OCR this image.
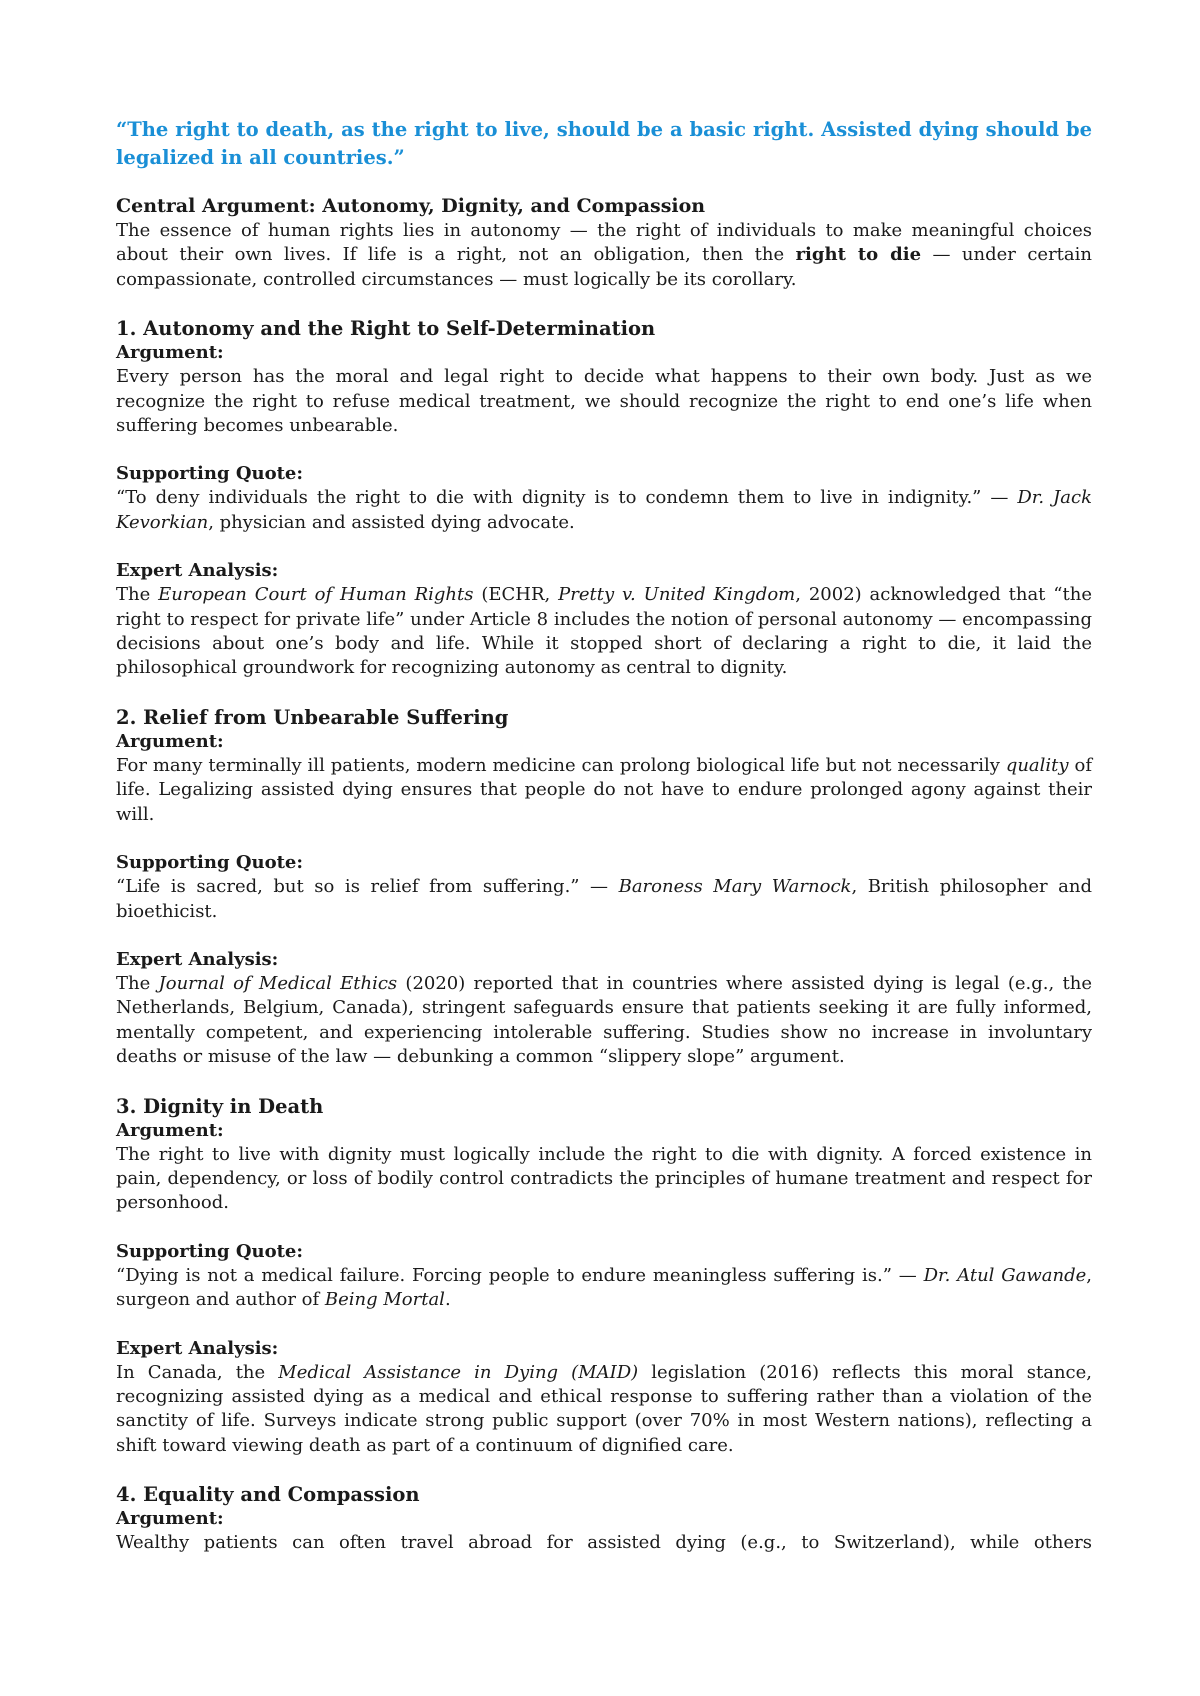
“The right to death, as the right to live, should be a basic right. Assisted dying should be legalized in all countries.”

Central Argument: Autonomy, Dignity, and Compassion

The essence of human rights lies in autonomy — the right of individuals to make meaningful choices about their own lives. If life is a right, not an obligation, then the right to die — under certain compassionate, controlled circumstances — must logically be its corollary.

1. Autonomy and the Right to Self-Determination

Argument:

Every person has the moral and legal right to decide what happens to their own body. Just as we recognize the right to refuse medical treatment, we should recognize the right to end one’s life when suffering becomes unbearable.

Supporting Quote:

“To deny individuals the right to die with dignity is to condemn them to live in indignity.” — Dr. Jack Kevorkian, physician and assisted dying advocate.

Expert Analysis:

The European Court of Human Rights (ECHR, Pretty v. United Kingdom, 2002) acknowledged that “the right to respect for private life” under Article 8 includes the notion of personal autonomy — encompassing decisions about one’s body and life. While it stopped short of declaring a right to die, it laid the philosophical groundwork for recognizing autonomy as central to dignity.

2. Relief from Unbearable Suffering

Argument:

For many terminally ill patients, modern medicine can prolong biological life but not necessarily quality of life. Legalizing assisted dying ensures that people do not have to endure prolonged agony against their will.

Supporting Quote:

“Life is sacred, but so is relief from suffering.” — Baroness Mary Warnock, British philosopher and bioethicist.

Expert Analysis:

The Journal of Medical Ethics (2020) reported that in countries where assisted dying is legal (e.g., the Netherlands, Belgium, Canada), stringent safeguards ensure that patients seeking it are fully informed, mentally competent, and experiencing intolerable suffering. Studies show no increase in involuntary deaths or misuse of the law — debunking a common “slippery slope” argument.

3. Dignity in Death

Argument:

The right to live with dignity must logically include the right to die with dignity. A forced existence in pain, dependency, or loss of bodily control contradicts the principles of humane treatment and respect for personhood.

Supporting Quote:

“Dying is not a medical failure. Forcing people to endure meaningless suffering is.” — Dr. Atul Gawande, surgeon and author of Being Mortal.

Expert Analysis:

In Canada, the Medical Assistance in Dying (MAID) legislation (2016) reflects this moral stance, recognizing assisted dying as a medical and ethical response to suffering rather than a violation of the sanctity of life. Surveys indicate strong public support (over 70% in most Western nations), reflecting a shift toward viewing death as part of a continuum of dignified care.

4. Equality and Compassion

Argument:

Wealthy patients can often travel abroad for assisted dying (e.g., to Switzerland), while others
